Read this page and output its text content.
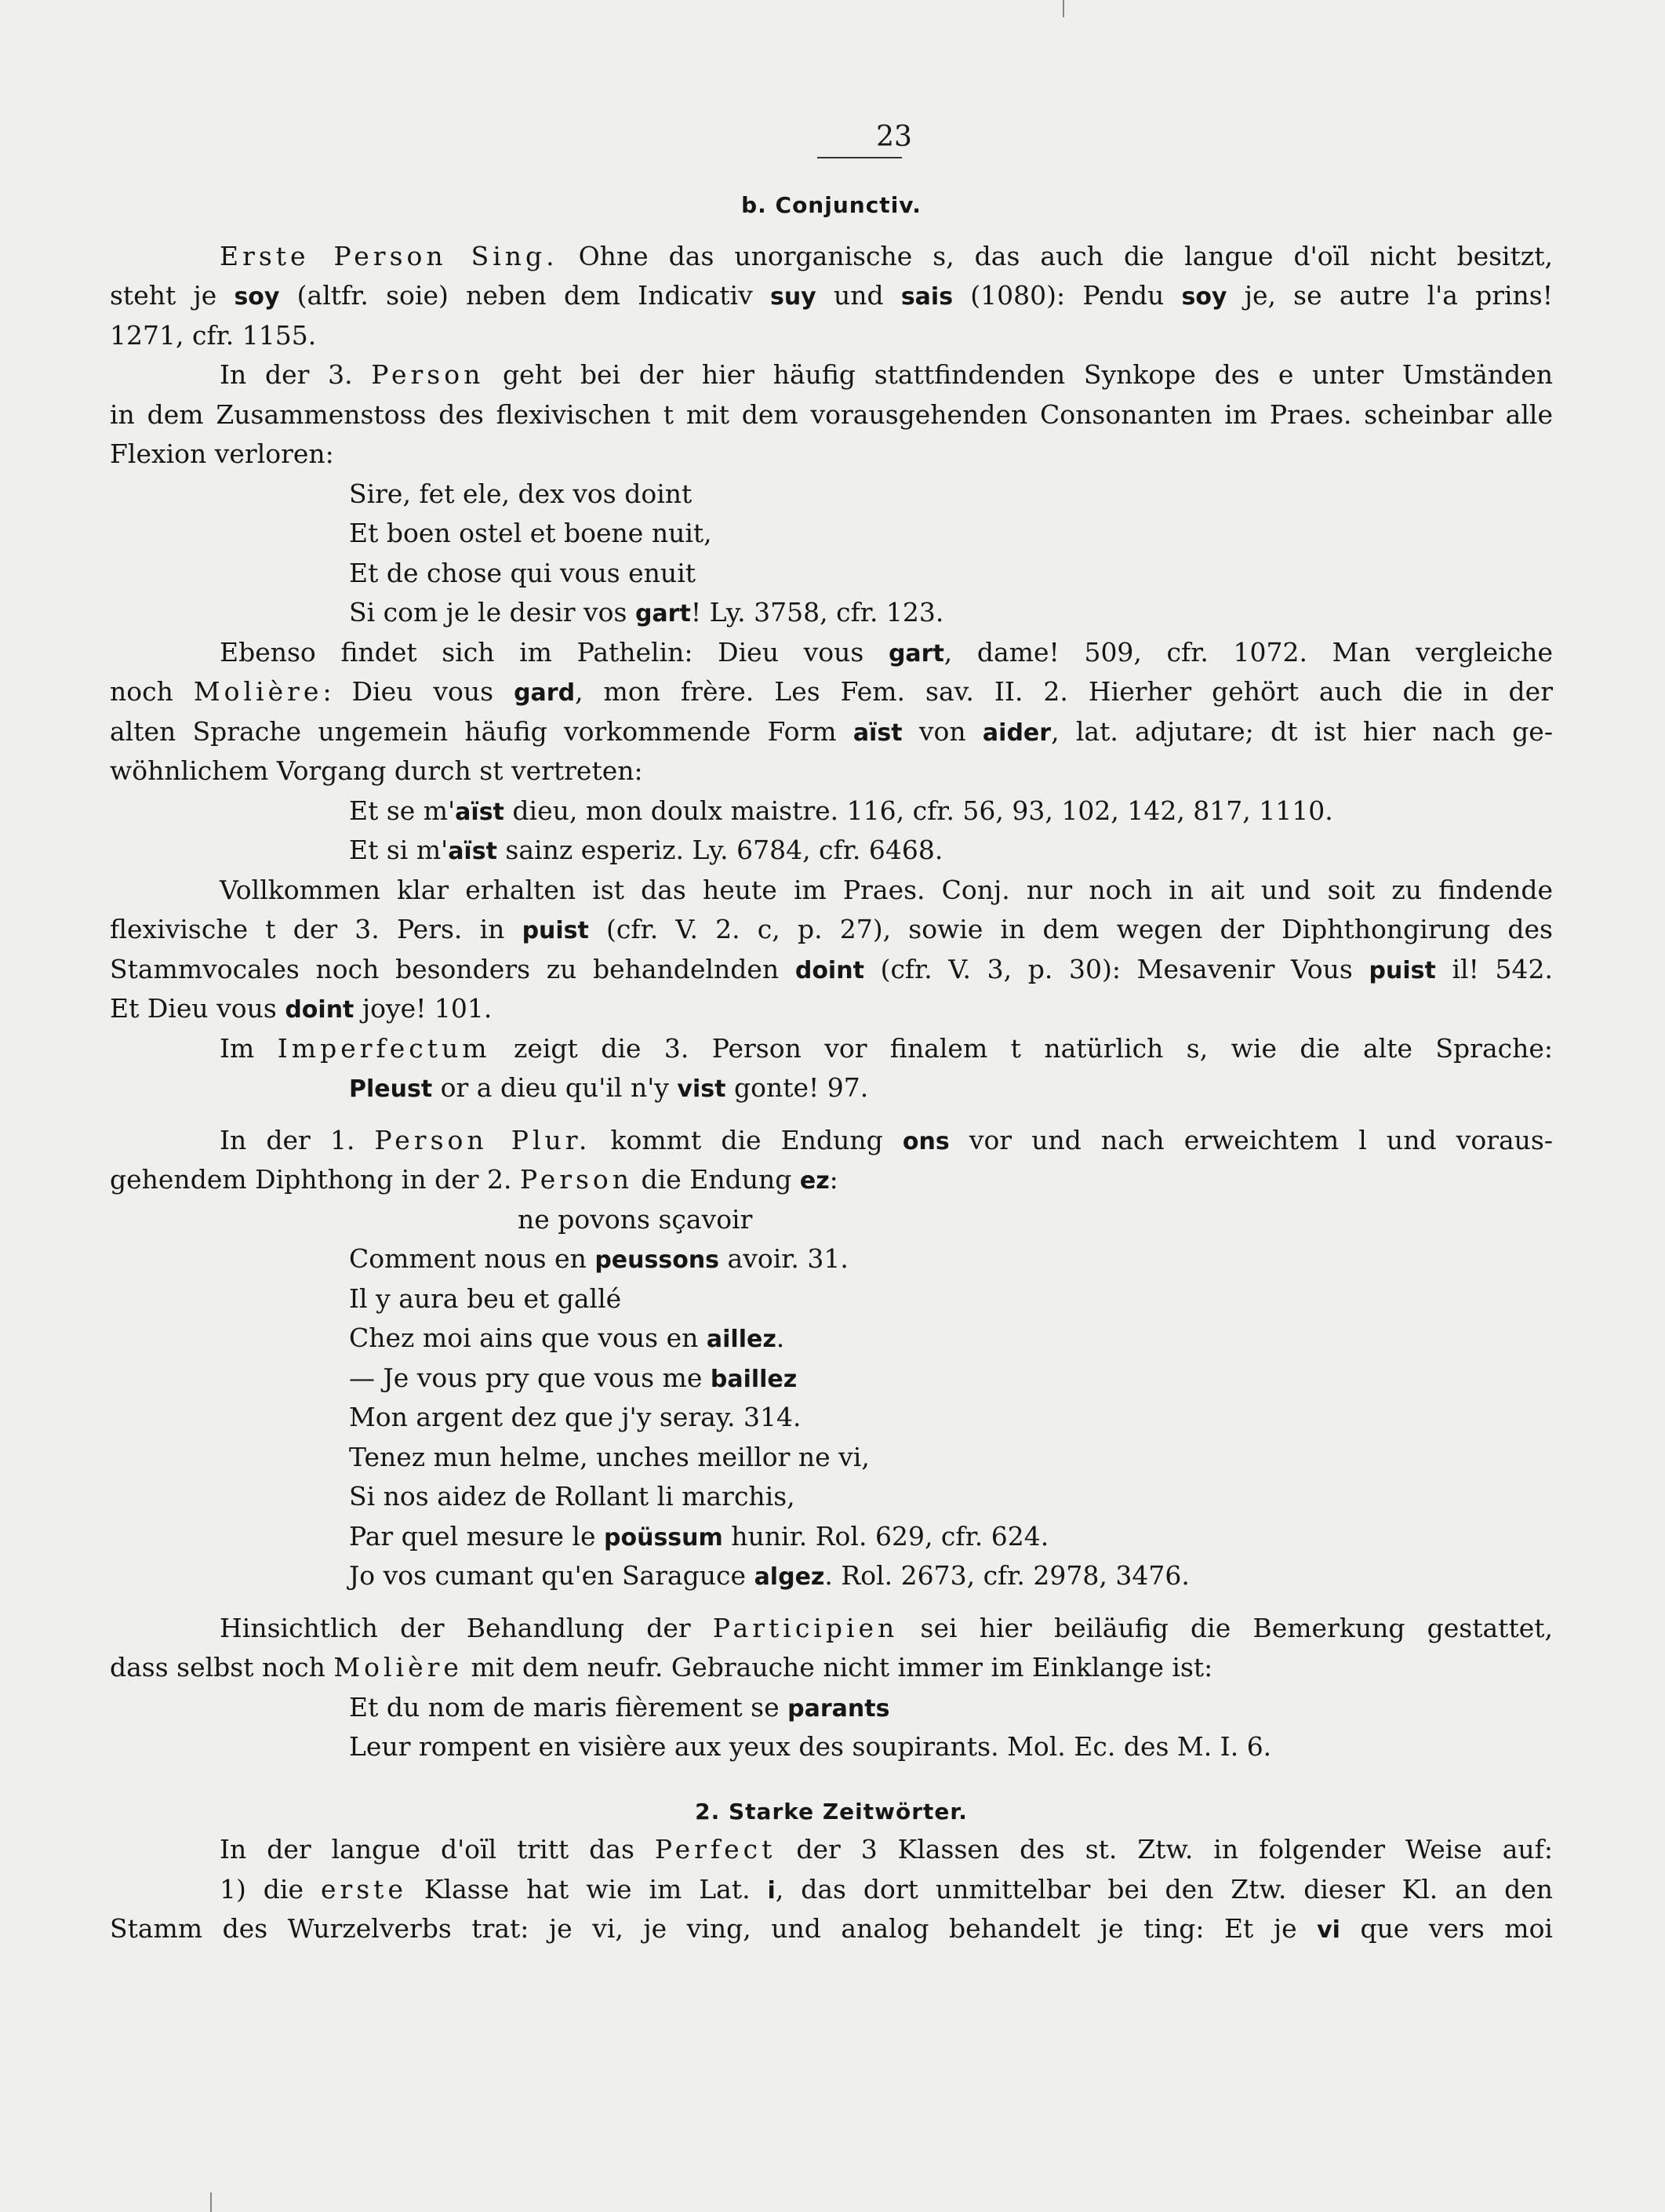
23
b. Conjunctiv.
Erste Person Sing. Ohne das unorganische s, das auch die langue d'oïl nicht besitzt,
steht je soy (altfr. soie) neben dem Indicativ suy und sais (1080): Pendu soy je, se autre l'a prins!
1271, cfr. 1155.
In der 3. Person geht bei der hier häufig stattfindenden Synkope des e unter Umständen
in dem Zusammenstoss des flexivischen t mit dem vorausgehenden Consonanten im Praes. scheinbar alle
Flexion verloren:
Sire, fet ele, dex vos doint
Et boen ostel et boene nuit,
Et de chose qui vous enuit
Si com je le desir vos gart! Ly. 3758, cfr. 123.
Ebenso findet sich im Pathelin: Dieu vous gart, dame! 509, cfr. 1072. Man vergleiche
noch Molière: Dieu vous gard, mon frère. Les Fem. sav. II. 2. Hierher gehört auch die in der
alten Sprache ungemein häufig vorkommende Form aïst von aider, lat. adjutare; dt ist hier nach ge-
wöhnlichem Vorgang durch st vertreten:
Et se m'aïst dieu, mon doulx maistre. 116, cfr. 56, 93, 102, 142, 817, 1110.
Et si m'aïst sainz esperiz. Ly. 6784, cfr. 6468.
Vollkommen klar erhalten ist das heute im Praes. Conj. nur noch in ait und soit zu findende
flexivische t der 3. Pers. in puist (cfr. V. 2. c, p. 27), sowie in dem wegen der Diphthongirung des
Stammvocales noch besonders zu behandelnden doint (cfr. V. 3, p. 30): Mesavenir Vous puist il! 542.
Et Dieu vous doint joye! 101.
Im Imperfectum zeigt die 3. Person vor finalem t natürlich s, wie die alte Sprache:
Pleust or a dieu qu'il n'y vist gonte! 97.
In der 1. Person Plur. kommt die Endung ons vor und nach erweichtem l und voraus-
gehendem Diphthong in der 2. Person die Endung ez:
ne povons sçavoir
Comment nous en peussons avoir. 31.
Il y aura beu et gallé
Chez moi ains que vous en aillez.
— Je vous pry que vous me baillez
Mon argent dez que j'y seray. 314.
Tenez mun helme, unches meillor ne vi,
Si nos aidez de Rollant li marchis,
Par quel mesure le poüssum hunir. Rol. 629, cfr. 624.
Jo vos cumant qu'en Saraguce algez. Rol. 2673, cfr. 2978, 3476.
Hinsichtlich der Behandlung der Participien sei hier beiläufig die Bemerkung gestattet,
dass selbst noch Molière mit dem neufr. Gebrauche nicht immer im Einklange ist:
Et du nom de maris fièrement se parants
Leur rompent en visière aux yeux des soupirants. Mol. Ec. des M. I. 6.
2. Starke Zeitwörter.
In der langue d'oïl tritt das Perfect der 3 Klassen des st. Ztw. in folgender Weise auf:
1) die erste Klasse hat wie im Lat. i, das dort unmittelbar bei den Ztw. dieser Kl. an den
Stamm des Wurzelverbs trat: je vi, je ving, und analog behandelt je ting: Et je vi que vers moi
